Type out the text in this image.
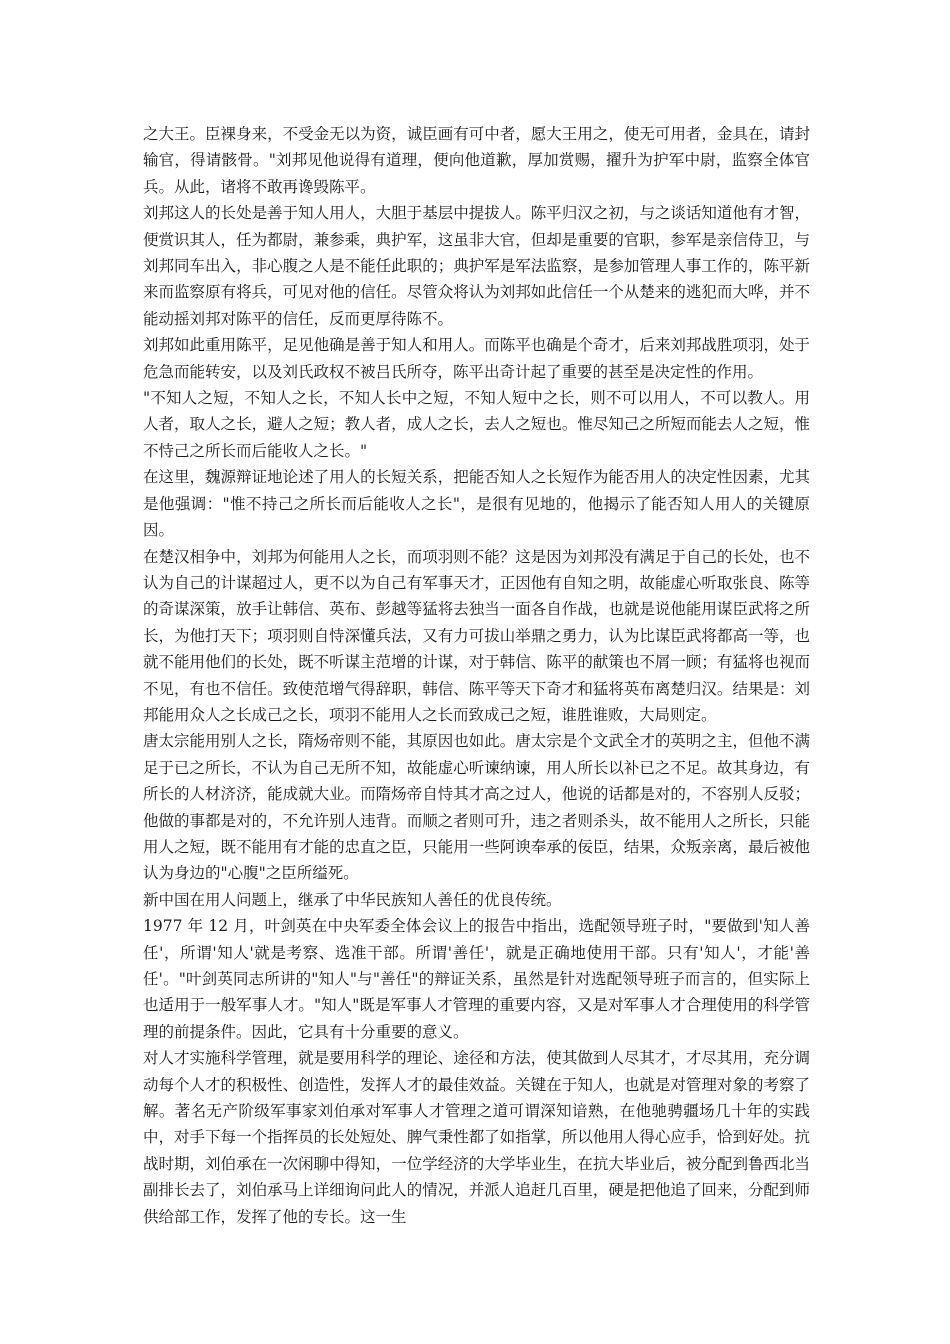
之大王。臣裸身来，不受金无以为资，诚臣画有可中者，愿大王用之，使无可用者，金具在，请封输官，得请骸骨。"刘邦见他说得有道理，便向他道歉，厚加赏赐，擢升为护军中尉，监察全体官兵。从此，诸将不敢再谗毁陈平。

刘邦这人的长处是善于知人用人，大胆于基层中提拔人。陈平归汉之初，与之谈话知道他有才智，便赏识其人，任为都尉，兼参乘，典护军，这虽非大官，但却是重要的官职，参军是亲信侍卫，与刘邦同车出入，非心腹之人是不能任此职的；典护军是军法监察，是参加管理人事工作的，陈平新来而监察原有将兵，可见对他的信任。尽管众将认为刘邦如此信任一个从楚来的逃犯而大哗，并不能动摇刘邦对陈平的信任，反而更厚待陈不。

刘邦如此重用陈平，足见他确是善于知人和用人。而陈平也确是个奇才，后来刘邦战胜项羽，处于危急而能转安，以及刘氏政权不被吕氏所夺，陈平出奇计起了重要的甚至是决定性的作用。

"不知人之短，不知人之长，不知人长中之短，不知人短中之长，则不可以用人，不可以教人。用人者，取人之长，避人之短；教人者，成人之长，去人之短也。惟尽知己之所短而能去人之短，惟不恃己之所长而后能收人之长。"

在这里，魏源辩证地论述了用人的长短关系，把能否知人之长短作为能否用人的决定性因素，尤其是他强调："惟不持己之所长而后能收人之长"，是很有见地的，他揭示了能否知人用人的关键原因。

在楚汉相争中，刘邦为何能用人之长，而项羽则不能？这是因为刘邦没有满足于自己的长处，也不认为自己的计谋超过人，更不以为自己有军事天才，正因他有自知之明，故能虚心听取张良、陈等的奇谋深策，放手让韩信、英布、彭越等猛将去独当一面各自作战，也就是说他能用谋臣武将之所长，为他打天下；项羽则自恃深懂兵法，又有力可拔山举鼎之勇力，认为比谋臣武将都高一等，也就不能用他们的长处，既不听谋主范增的计谋，对于韩信、陈平的献策也不屑一顾；有猛将也视而不见，有也不信任。致使范增气得辞职，韩信、陈平等天下奇才和猛将英布离楚归汉。结果是：刘邦能用众人之长成己之长，项羽不能用人之长而致成己之短，谁胜谁败，大局则定。

唐太宗能用别人之长，隋炀帝则不能，其原因也如此。唐太宗是个文武全才的英明之主，但他不满足于已之所长，不认为自己无所不知，故能虚心听谏纳谏，用人所长以补已之不足。故其身边，有所长的人材济济，能成就大业。而隋炀帝自恃其才高之过人，他说的话都是对的，不容别人反驳；他做的事都是对的，不允许别人违背。而顺之者则可升，违之者则杀头，故不能用人之所长，只能用人之短，既不能用有才能的忠直之臣，只能用一些阿谀奉承的佞臣，结果，众叛亲离，最后被他认为身边的"心腹"之臣所缢死。

新中国在用人问题上，继承了中华民族知人善任的优良传统。

1977 年 12 月，叶剑英在中央军委全体会议上的报告中指出，选配领导班子时，"要做到'知人善任'，所谓'知人'就是考察、选准干部。所谓'善任'，就是正确地使用干部。只有'知人'，才能'善任'。"叶剑英同志所讲的"知人"与"善任"的辩证关系，虽然是针对选配领导班子而言的，但实际上也适用于一般军事人才。"知人"既是军事人才管理的重要内容，又是对军事人才合理使用的科学管理的前提条件。因此，它具有十分重要的意义。

对人才实施科学管理，就是要用科学的理论、途径和方法，使其做到人尽其才，才尽其用，充分调动每个人才的积极性、创造性，发挥人才的最佳效益。关键在于知人，也就是对管理对象的考察了解。著名无产阶级军事家刘伯承对军事人才管理之道可谓深知谙熟，在他驰骋疆场几十年的实践中，对手下每一个指挥员的长处短处、脾气秉性都了如指掌，所以他用人得心应手，恰到好处。抗战时期，刘伯承在一次闲聊中得知，一位学经济的大学毕业生，在抗大毕业后，被分配到鲁西北当副排长去了，刘伯承马上详细询问此人的情况，并派人追赶几百里，硬是把他追了回来，分配到师供给部工作，发挥了他的专长。这一生
